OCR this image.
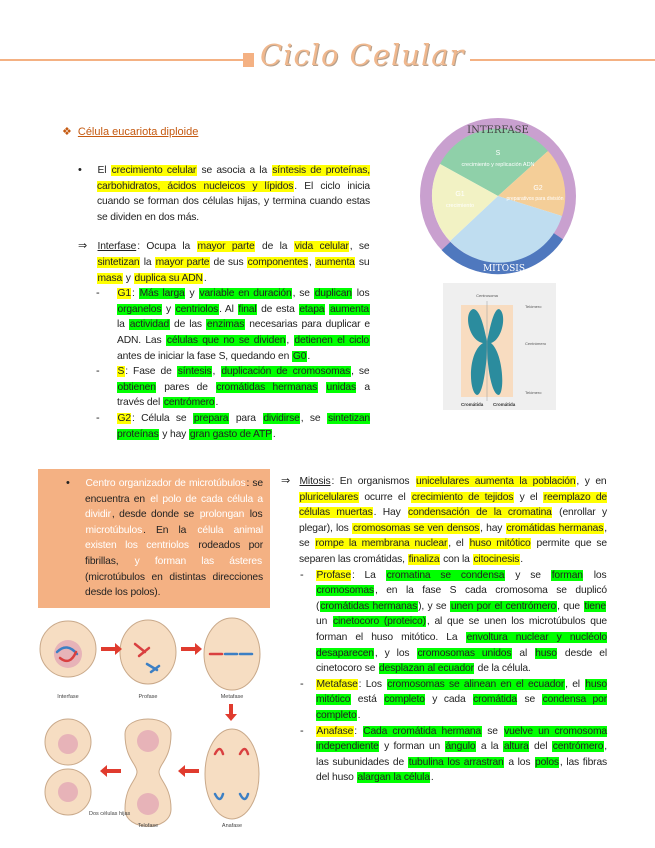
Ciclo Celular
❖ Célula eucariota diploide
•	El crecimiento celular se asocia a la síntesis de proteínas, carbohidratos, ácidos nucleicos y lípidos. El ciclo inicia cuando se forman dos células hijas, y termina cuando estas se dividen en dos más.
⇒ Interfase: Ocupa la mayor parte de la vida celular, se sintetizan la mayor parte de sus componentes, aumenta su masa y duplica su ADN.
-	G1: Más larga y variable en duración, se duplican los organelos y centriolos. Al final de esta etapa aumenta la actividad de las enzimas necesarias para duplicar e ADN. Las células que no se dividen, detienen el ciclo antes de iniciar la fase S, quedando en G0.
-	S: Fase de síntesis, duplicación de cromosomas, se obtienen pares de cromátidas hermanas unidas a través del centrómero.
-	G2: Célula se prepara para dividirse, se sintetizan proteínas y hay gran gasto de ATP.
INTERFASE
MITOSIS
S
crecimiento y replicación ADN
G2
preparativos para división
G1
crecimiento
Centrosoma
Telómero
Centrómero
Telómero
Cromátida Cromátida
•	Centro organizador de microtúbulos: se encuentra en el polo de cada célula a dividir, desde donde se prolongan los microtúbulos. En la célula animal existen los centriolos rodeados por fibrillas, y forman las ásteres (microtúbulos en distintas direcciones desde los polos).
Interfase	Profase	Metafase
Anafase
Telofase
Dos células hijas
⇒ Mitosis: En organismos unicelulares aumenta la población, y en pluricelulares ocurre el crecimiento de tejidos y el reemplazo de células muertas. Hay condensación de la cromatina (enrollar y plegar), los cromosomas se ven densos, hay cromátidas hermanas, se rompe la membrana nuclear, el huso mitótico permite que se separen las cromátidas, finaliza con la citocinesis.
-	Profase: La cromatina se condensa y se forman los cromosomas, en la fase S cada cromosoma se duplicó (cromátidas hermanas), y se unen por el centrómero, que tiene un cinetocoro (proteico), al que se unen los microtúbulos que forman el huso mitótico. La envoltura nuclear y nucléolo desaparecen, y los cromosomas unidos al huso desde el cinetocoro se desplazan al ecuador de la célula.
-	Metafase: Los cromosomas se alinean en el ecuador, el huso mitótico está completo y cada cromátida se condensa por completo.
-	Anafase: Cada cromátida hermana se vuelve un cromosoma independiente y forman un ángulo a la altura del centrómero, las subunidades de tubulina los arrastran a los polos, las fibras del huso alargan la célula.
